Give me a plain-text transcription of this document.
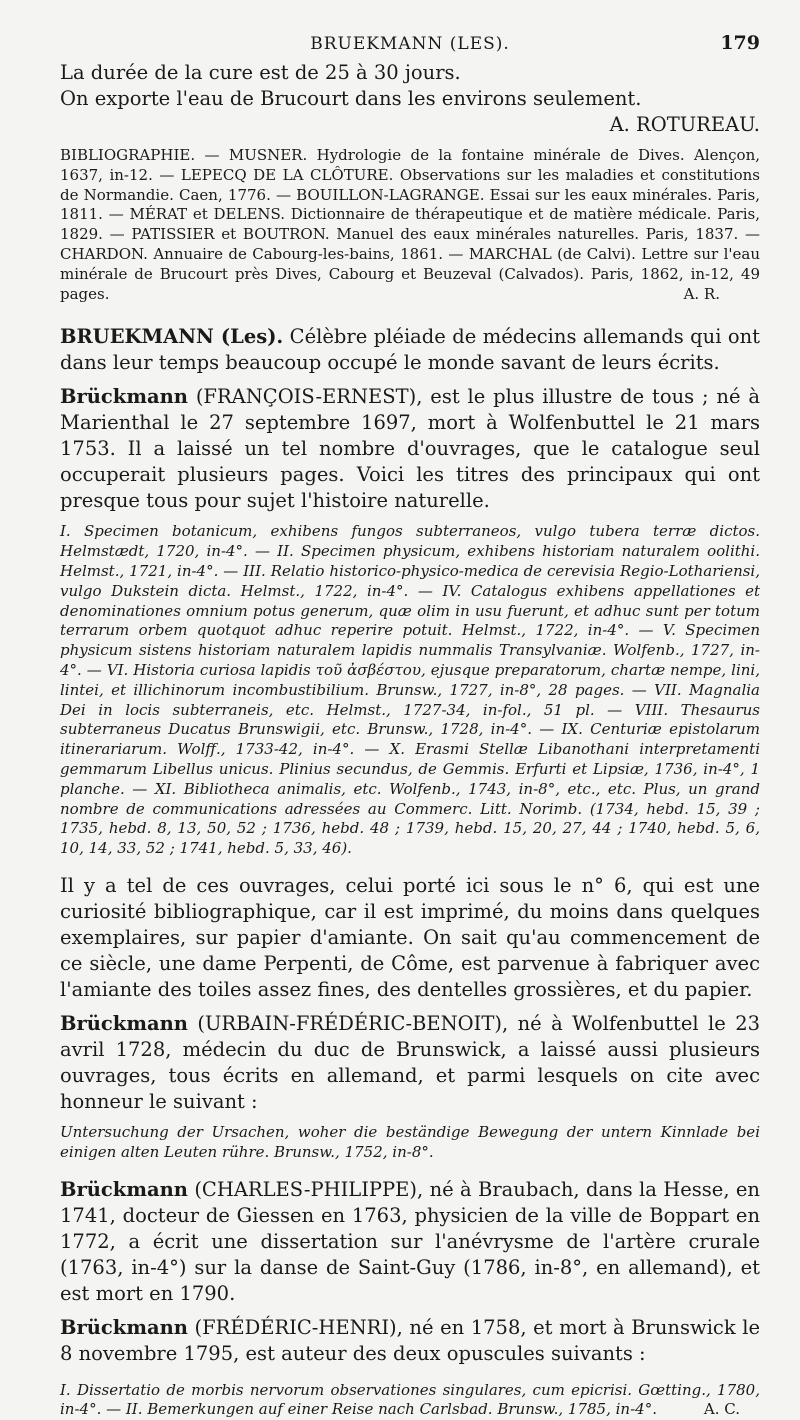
BRUEKMANN (LES).	179

La durée de la cure est de 25 à 30 jours.

On exporte l'eau de Brucourt dans les environs seulement.

A. ROTUREAU.

BIBLIOGRAPHIE. — MUSNER. Hydrologie de la fontaine minérale de Dives. Alençon, 1637, in-12. — LEPECQ DE LA CLÔTURE. Observations sur les maladies et constitutions de Normandie. Caen, 1776. — BOUILLON-LAGRANGE. Essai sur les eaux minérales. Paris, 1811. — MÉRAT et DELENS. Dictionnaire de thérapeutique et de matière médicale. Paris, 1829. — PATISSIER et BOUTRON. Manuel des eaux minérales naturelles. Paris, 1837. — CHARDON. Annuaire de Cabourg-les-bains, 1861. — MARCHAL (de Calvi). Lettre sur l'eau minérale de Brucourt près Dives, Cabourg et Beuzeval (Calvados). Paris, 1862, in-12, 49 pages.	A. R.

BRUEKMANN (Les). Célèbre pléiade de médecins allemands qui ont dans leur temps beaucoup occupé le monde savant de leurs écrits.

Brückmann (FRANÇOIS-ERNEST), est le plus illustre de tous ; né à Marienthal le 27 septembre 1697, mort à Wolfenbuttel le 21 mars 1753. Il a laissé un tel nombre d'ouvrages, que le catalogue seul occuperait plusieurs pages. Voici les titres des principaux qui ont presque tous pour sujet l'histoire naturelle.

I. Specimen botanicum, exhibens fungos subterraneos, vulgo tubera terræ dictos. Helmstædt, 1720, in-4°. — II. Specimen physicum, exhibens historiam naturalem oolithi. Helmst., 1721, in-4°. — III. Relatio historico-physico-medica de cerevisia Regio-Lothariensi, vulgo Dukstein dicta. Helmst., 1722, in-4°. — IV. Catalogus exhibens appellationes et denominationes omnium potus generum, quæ olim in usu fuerunt, et adhuc sunt per totum terrarum orbem quotquot adhuc reperire potuit. Helmst., 1722, in-4°. — V. Specimen physicum sistens historiam naturalem lapidis nummalis Transylvaniæ. Wolfenb., 1727, in-4°. — VI. Historia curiosa lapidis τοῦ ἀσβέστου, ejusque preparatorum, chartæ nempe, lini, lintei, et illichinorum incombustibilium. Brunsw., 1727, in-8°, 28 pages. — VII. Magnalia Dei in locis subterraneis, etc. Helmst., 1727-34, in-fol., 51 pl. — VIII. Thesaurus subterraneus Ducatus Brunswigii, etc. Brunsw., 1728, in-4°. — IX. Centuriæ epistolarum itinerariarum. Wolff., 1733-42, in-4°. — X. Erasmi Stellæ Libanothani interpretamenti gemmarum Libellus unicus. Plinius secundus, de Gemmis. Erfurti et Lipsiæ, 1736, in-4°, 1 planche. — XI. Bibliotheca animalis, etc. Wolfenb., 1743, in-8°, etc., etc. Plus, un grand nombre de communications adressées au Commerc. Litt. Norimb. (1734, hebd. 15, 39 ; 1735, hebd. 8, 13, 50, 52 ; 1736, hebd. 48 ; 1739, hebd. 15, 20, 27, 44 ; 1740, hebd. 5, 6, 10, 14, 33, 52 ; 1741, hebd. 5, 33, 46).

Il y a tel de ces ouvrages, celui porté ici sous le n° 6, qui est une curiosité bibliographique, car il est imprimé, du moins dans quelques exemplaires, sur papier d'amiante. On sait qu'au commencement de ce siècle, une dame Perpenti, de Côme, est parvenue à fabriquer avec l'amiante des toiles assez fines, des dentelles grossières, et du papier.

Brückmann (URBAIN-FRÉDÉRIC-BENOIT), né à Wolfenbuttel le 23 avril 1728, médecin du duc de Brunswick, a laissé aussi plusieurs ouvrages, tous écrits en allemand, et parmi lesquels on cite avec honneur le suivant :

Untersuchung der Ursachen, woher die beständige Bewegung der untern Kinnlade bei einigen alten Leuten rühre. Brunsw., 1752, in-8°.

Brückmann (CHARLES-PHILIPPE), né à Braubach, dans la Hesse, en 1741, docteur de Giessen en 1763, physicien de la ville de Boppart en 1772, a écrit une dissertation sur l'anévrysme de l'artère crurale (1763, in-4°) sur la danse de Saint-Guy (1786, in-8°, en allemand), et est mort en 1790.

Brückmann (FRÉDÉRIC-HENRI), né en 1758, et mort à Brunswick le 8 novembre 1795, est auteur des deux opuscules suivants :

I. Dissertatio de morbis nervorum observationes singulares, cum epicrisi. Gœtting., 1780, in-4°. — II. Bemerkungen auf einer Reise nach Carlsbad. Brunsw., 1785, in-4°.	A. C.
